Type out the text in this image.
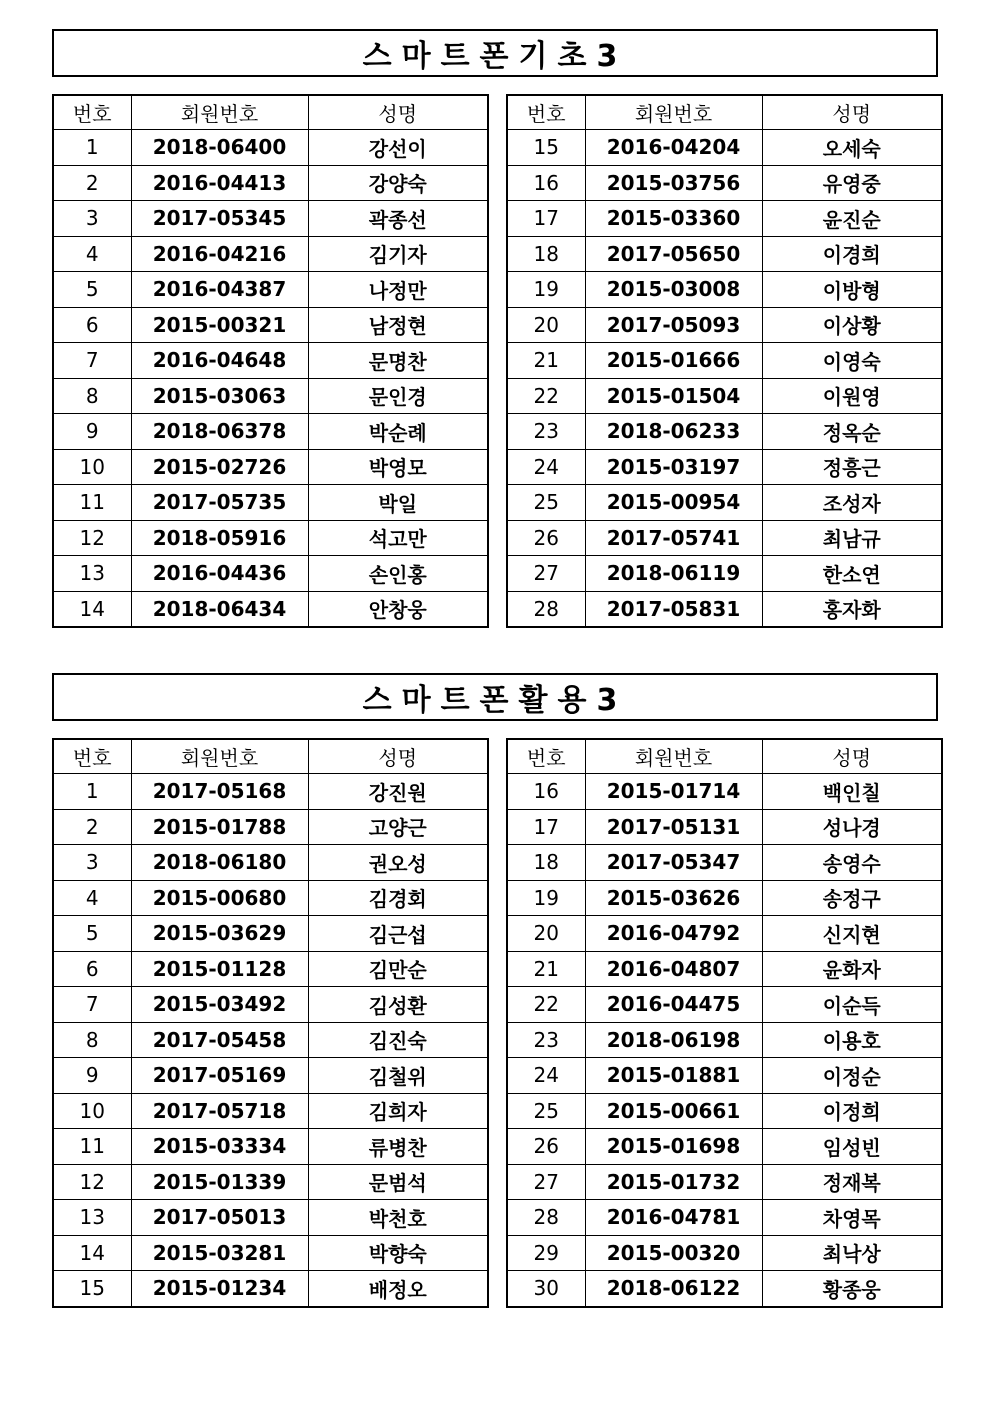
스마트폰기초3
번호	회원번호	성명
1	2018-06400	강선이
2	2016-04413	강양숙
3	2017-05345	곽종선
4	2016-04216	김기자
5	2016-04387	나정만
6	2015-00321	남정현
7	2016-04648	문명찬
8	2015-03063	문인경
9	2018-06378	박순례
10	2015-02726	박영모
11	2017-05735	박일
12	2018-05916	석고만
13	2016-04436	손인홍
14	2018-06434	안창웅
번호	회원번호	성명
15	2016-04204	오세숙
16	2015-03756	유영중
17	2015-03360	윤진순
18	2017-05650	이경희
19	2015-03008	이방형
20	2017-05093	이상황
21	2015-01666	이영숙
22	2015-01504	이원영
23	2018-06233	정옥순
24	2015-03197	정흥근
25	2015-00954	조성자
26	2017-05741	최남규
27	2018-06119	한소연
28	2017-05831	홍자화
스마트폰활용3
번호	회원번호	성명
1	2017-05168	강진원
2	2015-01788	고양근
3	2018-06180	권오성
4	2015-00680	김경회
5	2015-03629	김근섭
6	2015-01128	김만순
7	2015-03492	김성환
8	2017-05458	김진숙
9	2017-05169	김철위
10	2017-05718	김희자
11	2015-03334	류병찬
12	2015-01339	문범석
13	2017-05013	박천호
14	2015-03281	박향숙
15	2015-01234	배정오
번호	회원번호	성명
16	2015-01714	백인칠
17	2017-05131	성나경
18	2017-05347	송영수
19	2015-03626	송정구
20	2016-04792	신지현
21	2016-04807	윤화자
22	2016-04475	이순득
23	2018-06198	이용호
24	2015-01881	이정순
25	2015-00661	이정희
26	2015-01698	임성빈
27	2015-01732	정재복
28	2016-04781	차영목
29	2015-00320	최낙상
30	2018-06122	황종웅
